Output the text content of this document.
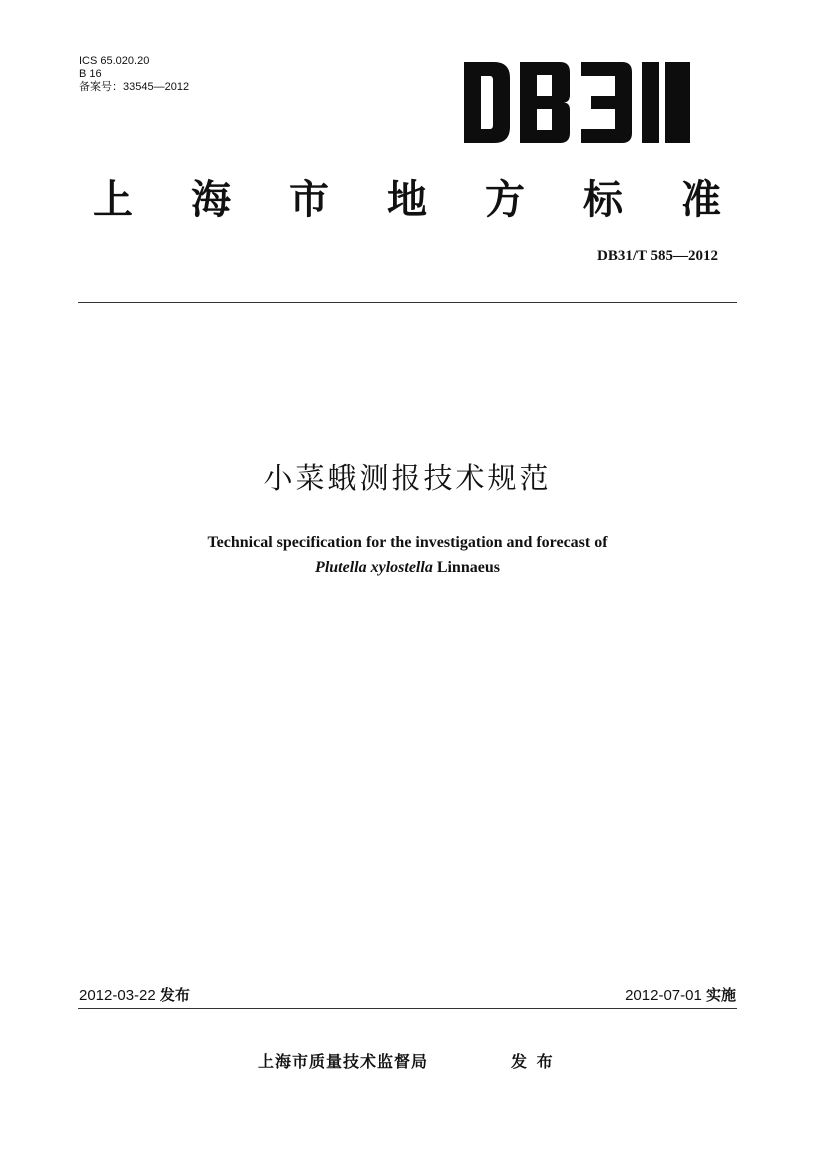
ICS 65.020.20
B 16
备案号：33545—2012
上 海 市 地 方 标 准
DB31/T 585—2012
小菜蛾测报技术规范
Technical specification for the investigation and forecast of
Plutella xylostella Linnaeus
2012-03-22 发布	2012-07-01 实施
上海市质量技术监督局	发 布
